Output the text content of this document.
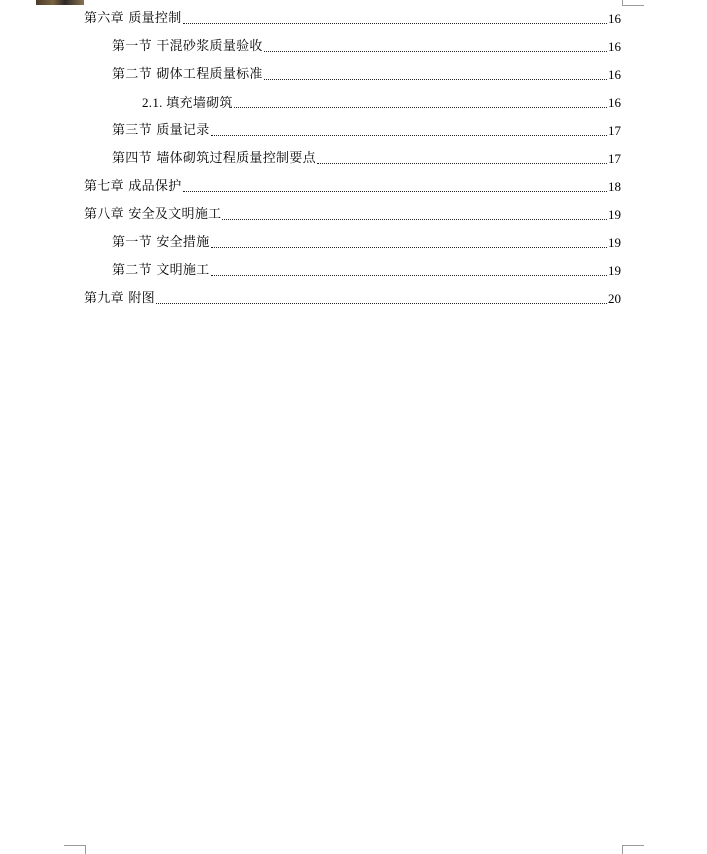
第六章 质量控制	16
第一节 干混砂浆质量验收	16
第二节 砌体工程质量标准	16
2.1. 填充墙砌筑	16
第三节 质量记录	17
第四节 墙体砌筑过程质量控制要点	17
第七章 成品保护	18
第八章 安全及文明施工	19
第一节 安全措施	19
第二节 文明施工	19
第九章 附图	20
